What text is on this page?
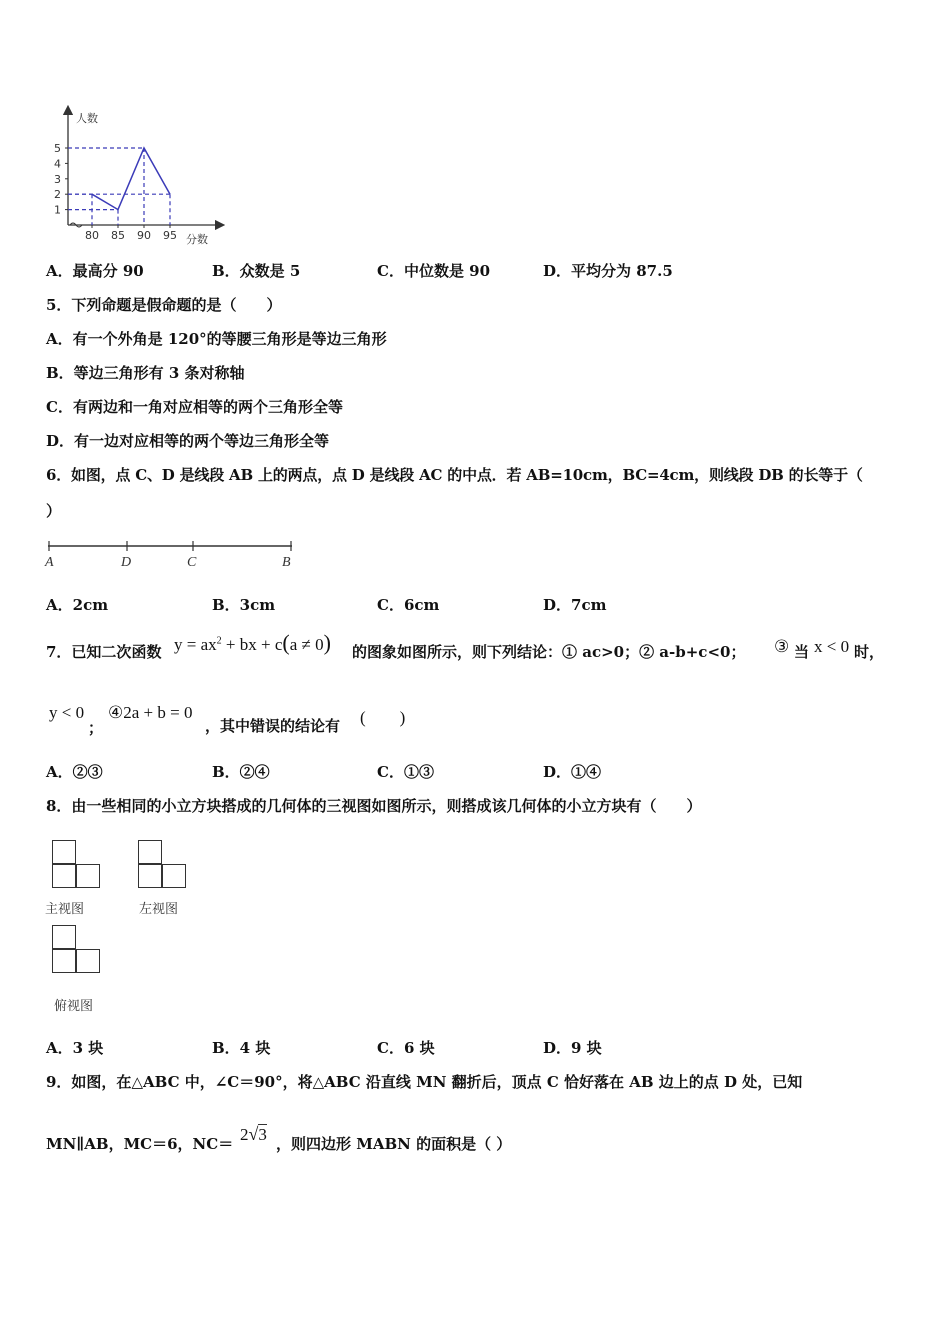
1
2
3
4
5
80 85 90 95
人数
分数
A．最高分 90	B．众数是 5	C．中位数是 90	D．平均分为 87.5
5．下列命题是假命题的是（　　）
A．有一个外角是 120°的等腰三角形是等边三角形
B．等边三角形有 3 条对称轴
C．有两边和一角对应相等的两个三角形全等
D．有一边对应相等的两个等边三角形全等
6．如图，点 C、D 是线段 AB 上的两点，点 D 是线段 AC 的中点．若 AB=10cm，BC=4cm，则线段 DB 的长等于（
）
A	D	C	B
A．2cm	B．3cm	C．6cm	D．7cm
7．已知二次函数 $y = ax^2$ + bx + c(a ≠ 0) 的图象如图所示，则下列结论：① ac>0；② a-b+c<0； ③ 当 x < 0 时，
y < 0
；
④2a + b = 0
，其中错误的结论有 (　　)
A．②③	B．②④	C．①③	D．①④
8．由一些相同的小立方块搭成的几何体的三视图如图所示，则搭成该几何体的小立方块有（　　）
主视图	左视图
俯视图
A．3 块	B．4 块	C．6 块	D．9 块
9．如图，在△ABC 中，∠C＝90°，将△ABC 沿直线 MN 翻折后，顶点 C 恰好落在 AB 边上的点 D 处，已知
MN∥AB，MC＝6，NC＝ 2√3 ，则四边形 MABN 的面积是（ ）
